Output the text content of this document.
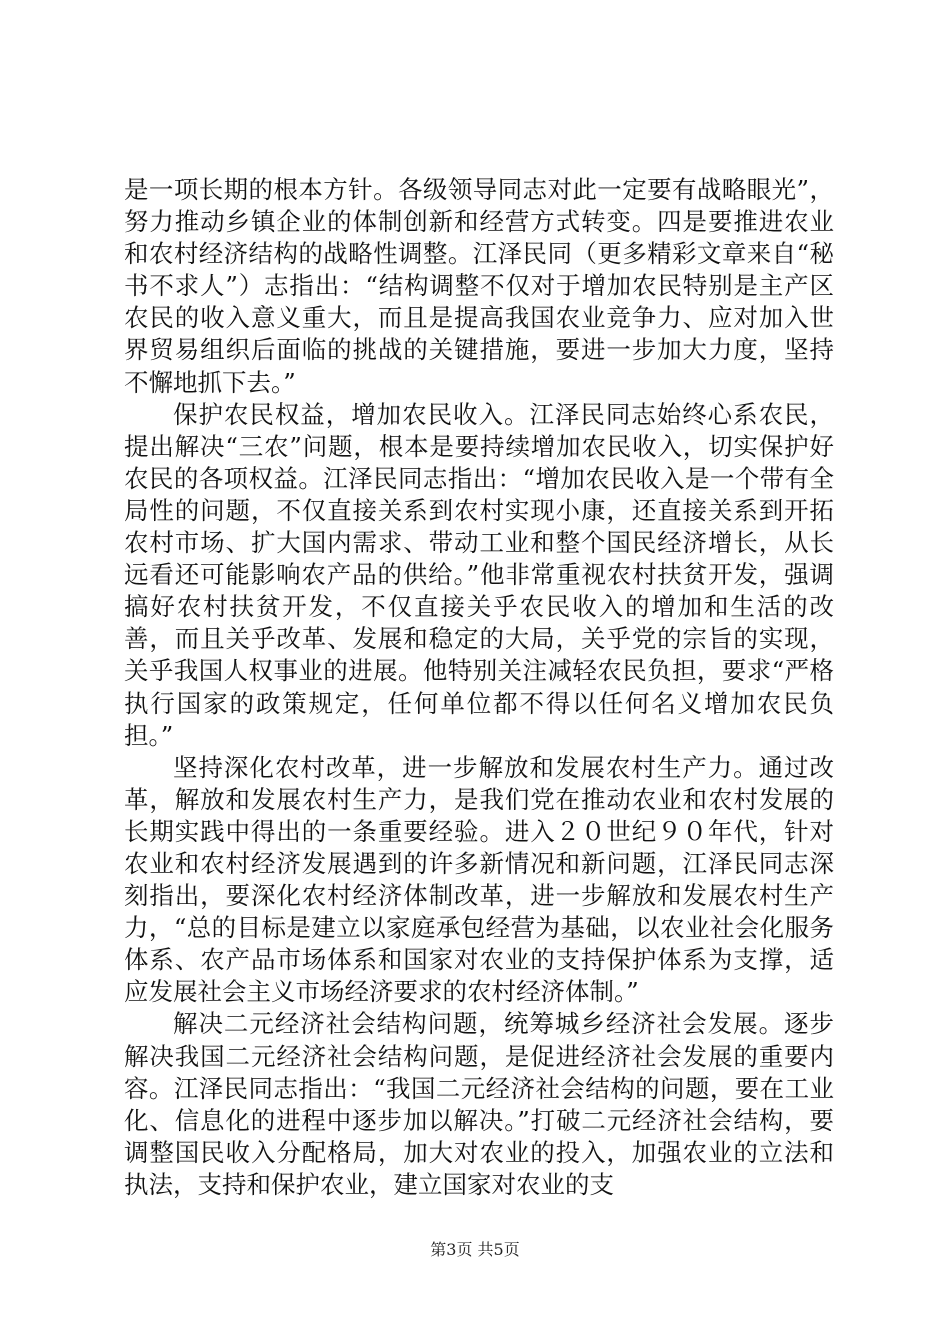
是一项长期的根本方针。各级领导同志对此一定要有战略眼光”，努力推动乡镇企业的体制创新和经营方式转变。四是要推进农业和农村经济结构的战略性调整。江泽民同（更多精彩文章来自“秘书不求人”）志指出：“结构调整不仅对于增加农民特别是主产区农民的收入意义重大，而且是提高我国农业竞争力、应对加入世界贸易组织后面临的挑战的关键措施，要进一步加大力度，坚持不懈地抓下去。”

保护农民权益，增加农民收入。江泽民同志始终心系农民，提出解决“三农”问题，根本是要持续增加农民收入，切实保护好农民的各项权益。江泽民同志指出：“增加农民收入是一个带有全局性的问题，不仅直接关系到农村实现小康，还直接关系到开拓农村市场、扩大国内需求、带动工业和整个国民经济增长，从长远看还可能影响农产品的供给。”他非常重视农村扶贫开发，强调搞好农村扶贫开发，不仅直接关乎农民收入的增加和生活的改善，而且关乎改革、发展和稳定的大局，关乎党的宗旨的实现，关乎我国人权事业的进展。他特别关注减轻农民负担，要求“严格执行国家的政策规定，任何单位都不得以任何名义增加农民负担。”

坚持深化农村改革，进一步解放和发展农村生产力。通过改革，解放和发展农村生产力，是我们党在推动农业和农村发展的长期实践中得出的一条重要经验。进入２０世纪９０年代，针对农业和农村经济发展遇到的许多新情况和新问题，江泽民同志深刻指出，要深化农村经济体制改革，进一步解放和发展农村生产力，“总的目标是建立以家庭承包经营为基础，以农业社会化服务体系、农产品市场体系和国家对农业的支持保护体系为支撑，适应发展社会主义市场经济要求的农村经济体制。”

解决二元经济社会结构问题，统筹城乡经济社会发展。逐步解决我国二元经济社会结构问题，是促进经济社会发展的重要内容。江泽民同志指出：“我国二元经济社会结构的问题，要在工业化、信息化的进程中逐步加以解决。”打破二元经济社会结构，要调整国民收入分配格局，加大对农业的投入，加强农业的立法和执法，支持和保护农业，建立国家对农业的支

第3页 共5页
